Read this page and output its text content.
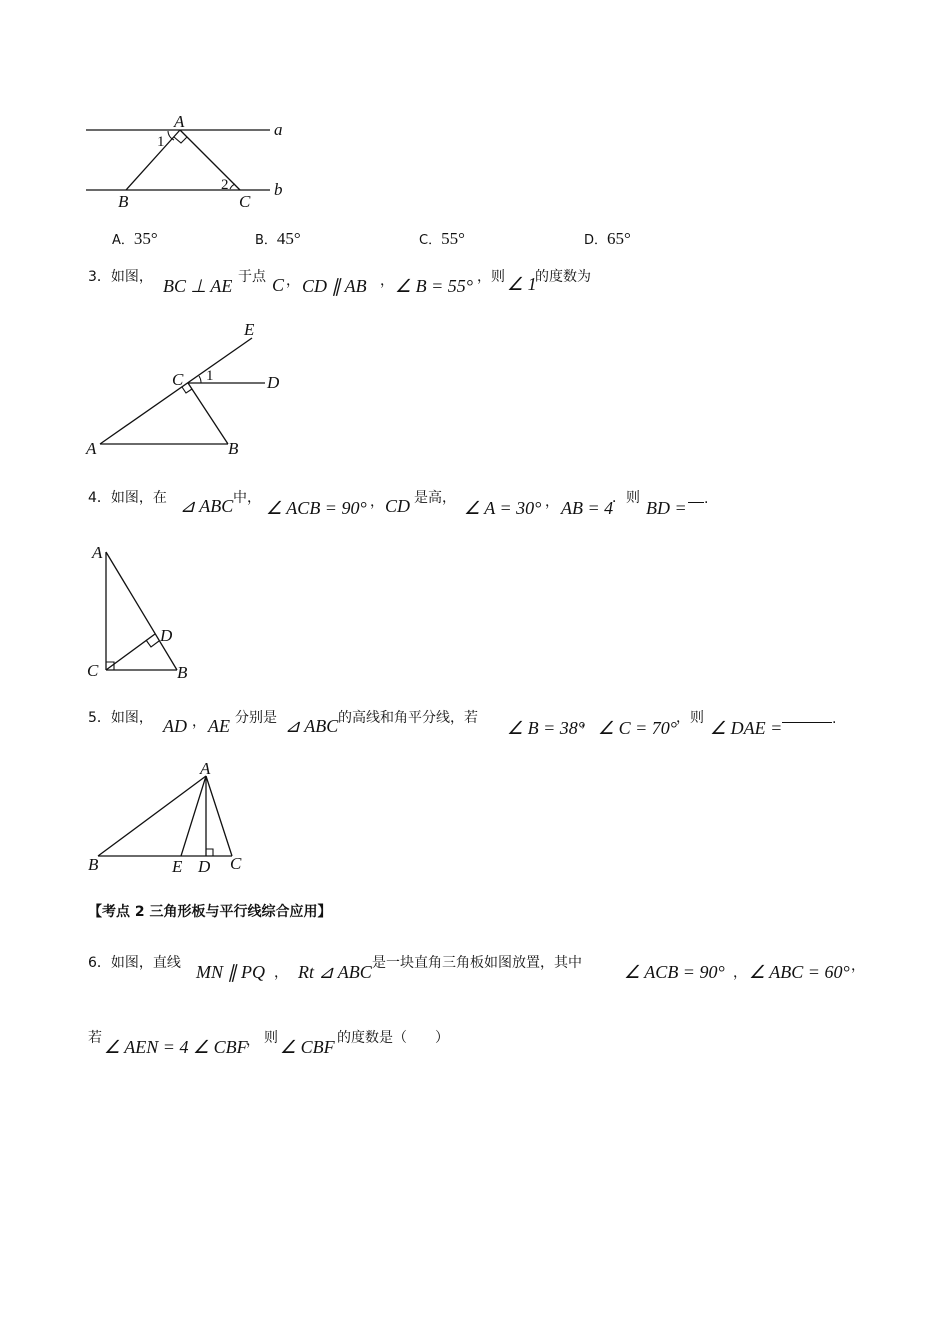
A
1
a
2	b
B	C
A．35°	B．45°	C．55°	D．65°
3．如图， BC ⊥ AE 于点 C ， CD ∥ AB ， ∠ B = 55° ，则 ∠ 1
的度数为
E
C 1	D
A	B
4．如图，在 ⊿ ABC 中， ∠ ACB = 90° ， CD 是高， ∠ A = 30° ， AB = 4
．则 BD = .
A
D
C	B
5．如图， AD ， AE 分别是 ⊿ ABC 的高线和角平分线，若 ∠ B = 38°
， ∠ C = 70° ，则 ∠ DAE =	.
A
B	E D C
【考点 2 三角形板与平行线综合应用】
6．如图，直线 MN ∥ PQ ， Rt ⊿ ABC 是一块直角三角板如图放置，其中 ∠ ACB = 90° ， ∠ ABC = 60° ，
若 ∠ AEN = 4 ∠ CBF
， 则 ∠ CBF 的度数是（　　）
